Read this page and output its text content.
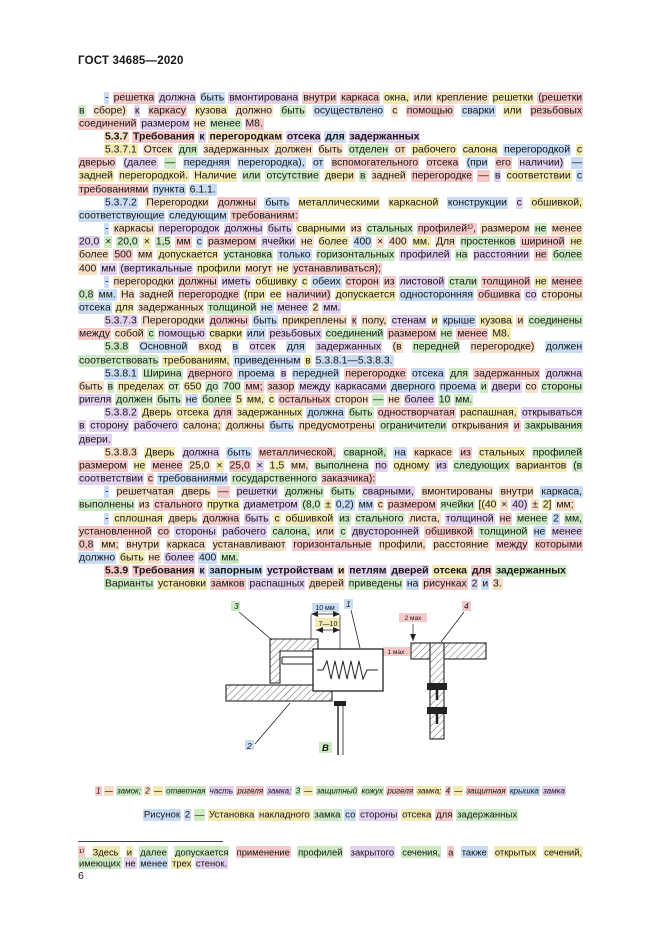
ГОСТ 34685—2020

- решетка должна быть вмонтирована внутри каркаса окна, или крепление решетки (решетки в сборе) к каркасу кузова должно быть осуществлено с помощью сварки или резьбовых соединений размером не менее М8.

5.3.7 Требования к перегородкам отсека для задержанных

5.3.7.1 Отсек для задержанных должен быть отделен от рабочего салона перегородкой с дверью (далее — передняя перегородка), от вспомогательного отсека (при его наличии) — задней перегородкой. Наличие или отсутствие двери в задней перегородке — в соответствии с требованиями пункта 6.1.1.

5.3.7.2 Перегородки должны быть металлическими каркасной конструкции с обшивкой, соответствующие следующим требованиям:

- каркасы перегородок должны быть сварными из стальных профилей¹⁾, размером не менее 20,0 × 20,0 × 1,5 мм с размером ячейки не более 400 × 400 мм. Для простенков шириной не более 500 мм допускается установка только горизонтальных профилей на расстоянии не более 400 мм (вертикальные профили могут не устанавливаться);

- перегородки должны иметь обшивку с обеих сторон из листовой стали толщиной не менее 0,8 мм. На задней перегородке (при ее наличии) допускается односторонняя обшивка со стороны отсека для задержанных толщиной не менее 2 мм.

5.3.7.3 Перегородки должны быть прикреплены к полу, стенам и крыше кузова и соединены между собой с помощью сварки или резьбовых соединений размером не менее М8.

5.3.8 Основной вход в отсек для задержанных (в передней перегородке) должен соответствовать требованиям, приведенным в 5.3.8.1—5.3.8.3.

5.3.8.1 Ширина дверного проема в передней перегородке отсека для задержанных должна быть в пределах от 650 до 700 мм; зазор между каркасами дверного проема и двери со стороны ригеля должен быть не более 5 мм, с остальных сторон — не более 10 мм.

5.3.8.2 Дверь отсека для задержанных должна быть одностворчатая распашная, открываться в сторону рабочего салона; должны быть предусмотрены ограничители открывания и закрывания двери.

5.3.8.3 Дверь должна быть металлической, сварной, на каркасе из стальных профилей размером не менее 25,0 × 25,0 × 1,5 мм, выполнена по одному из следующих вариантов (в соответствии с требованиями государственного заказчика):

- решетчатая дверь — решетки должны быть сварными, вмонтированы внутри каркаса, выполнены из стального прутка диаметром (8,0 ± 0,2) мм с размером ячейки [(40 × 40) ± 2] мм;

- сплошная дверь должна быть с обшивкой из стального листа, толщиной не менее 2 мм, установленной со стороны рабочего салона, или с двусторонней обшивкой толщиной не менее 0,8 мм; внутри каркаса устанавливают горизонтальные профили, расстояние между которыми должно быть не более 400 мм.

5.3.9 Требования к запорным устройствам и петлям дверей отсека для задержанных

Варианты установки замков распашных дверей приведены на рисунках 2 и 3.

10 мм
7—10
2 мах
1 мах
В
3	1	4
2
1 — замок; 2 — ответная часть ригеля замка; 3 — защитный кожух ригеля замка; 4 — защитная крышка замка
Рисунок 2 — Установка накладного замка со стороны отсека для задержанных
¹⁾ Здесь и далее допускается применение профилей закрытого сечения, а также открытых сечений, имеющих не менее трех стенок.
6
